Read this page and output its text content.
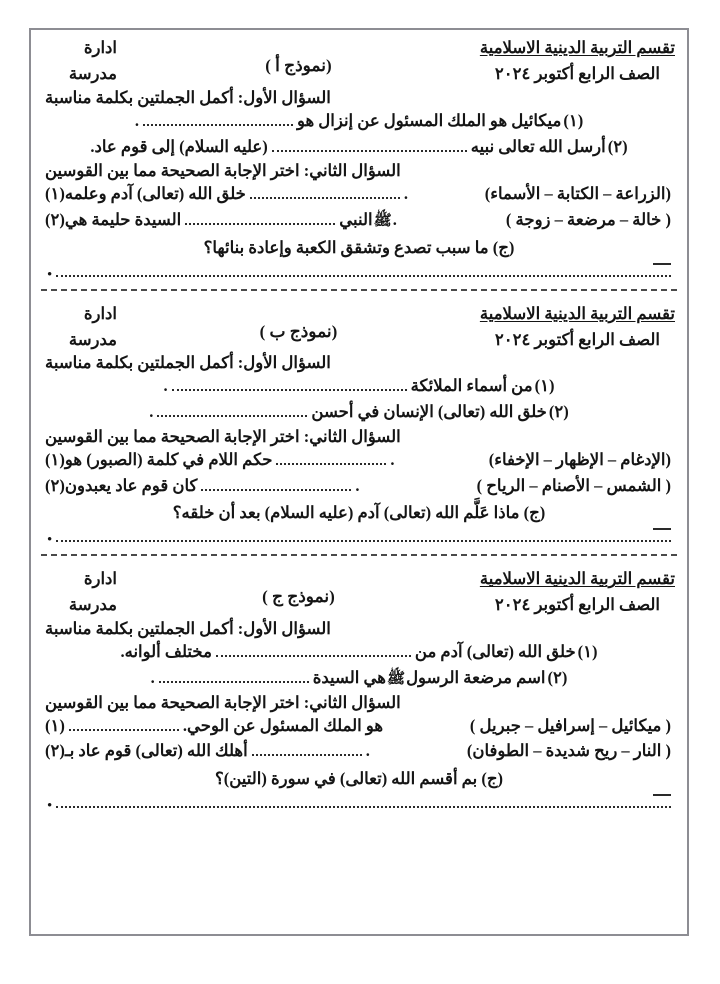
تقسم التربية الدينية الاسلامية
الصف الرابع أكتوبر ٢٠٢٤
(نموذج أ )
ادارة
مدرسة
السؤال الأول: أكمل الجملتين بكلمة مناسبة
(١)
ميكائيل هو الملك المسئول عن إنزال هو
.
(٢)
أرسل الله تعالى نبيه
(عليه السلام) إلى قوم عاد.
السؤال الثاني: اختر الإجابة الصحيحة مما بين القوسين
(الزراعة – الكتابة – الأسماء)
.
خلق الله (تعالى) آدم وعلمه
(١)
( خالة – مرضعة – زوجة )
.
ﷺ
النبي
السيدة حليمة هي
(٢)
(ج) ما سبب تصدع وتشقق الكعبة وإعادة بنائها؟
•
تقسم التربية الدينية الاسلامية
الصف الرابع أكتوبر ٢٠٢٤
(نموذج ب )
ادارة
مدرسة
السؤال الأول: أكمل الجملتين بكلمة مناسبة
(١)
من أسماء الملائكة
.
(٢)
خلق الله (تعالى) الإنسان في أحسن
.
السؤال الثاني: اختر الإجابة الصحيحة مما بين القوسين
(الإدغام – الإظهار – الإخفاء)
.
حكم اللام في كلمة (الصبور) هو
(١)
( الشمس – الأصنام – الرياح )
.
كان قوم عاد يعبدون
(٢)
(ج) ماذا عَلَّم الله (تعالى) آدم (عليه السلام) بعد أن خلقه؟
•
تقسم التربية الدينية الاسلامية
الصف الرابع أكتوبر ٢٠٢٤
(نموذج ج )
ادارة
مدرسة
السؤال الأول: أكمل الجملتين بكلمة مناسبة
(١)
خلق الله (تعالى) آدم من
مختلف ألوانه.
(٢)
اسم مرضعة الرسول
ﷺ
هي السيدة
.
السؤال الثاني: اختر الإجابة الصحيحة مما بين القوسين
( ميكائيل – إسرافيل – جبريل )
هو الملك المسئول عن الوحي.
(١)
( النار – ريح شديدة – الطوفان)
.
أهلك الله (تعالى) قوم عاد بـ
(٢)
(ج) بم أقسم الله (تعالى) في سورة (التين)؟
•
